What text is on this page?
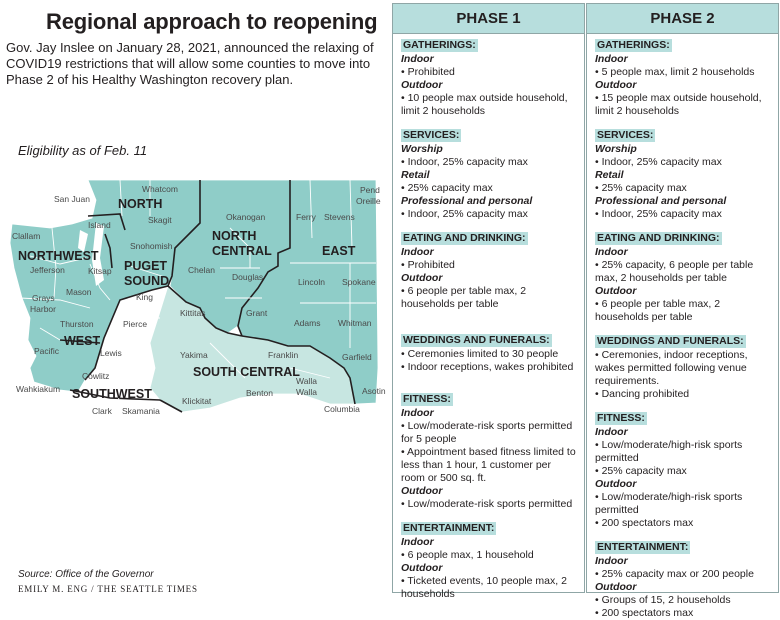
Regional approach to reopening
Gov. Jay Inslee on January 28, 2021, announced the relaxing of COVID19 restrictions that will allow some counties to move into Phase 2 of his Healthy Washington recovery plan.
Eligibility as of Feb. 11
NORTH
NORTHWEST
PUGET
SOUND
WEST
SOUTHWEST
NORTH
CENTRAL	EAST
SOUTH CENTRAL
Whatcom
San Juan
Skagit
Island
Clallam
Snohomish
Jefferson	Kitsap
Mason	King
Grays
Harbor
Pierce
Thurston
Pacific	Lewis
Wahkiakum
Cowlitz
Clark Skamania
Okanogan
Chelan
Douglas
Grant
Kittitas
Yakima
Klickitat
Benton
Franklin
Walla
Walla
Columbia
Garfield
Asotin
Adams Whitman
Lincoln Spokane
Ferry Stevens
Pend
Oreille
Source: Office of the Governor
EMILY M. ENG / THE SEATTLE TIMES
PHASE 1
GATHERINGS:
Indoor
• Prohibited
Outdoor
• 10 people max outside household, limit 2 households
SERVICES:
Worship
• Indoor, 25% capacity max
Retail
• 25% capacity max
Professional and personal
• Indoor, 25% capacity max
EATING AND DRINKING:
Indoor
• Prohibited
Outdoor
• 6 people per table max, 2 households per table
WEDDINGS AND FUNERALS:
• Ceremonies limited to 30 people
• Indoor receptions, wakes prohibited
FITNESS:
Indoor
• Low/moderate-risk sports permitted for 5 people
• Appointment based fitness limited to less than 1 hour, 1 customer per room or 500 sq. ft.
Outdoor
• Low/moderate-risk sports permitted
ENTERTAINMENT:
Indoor
• 6 people max, 1 household
Outdoor
• Ticketed events, 10 people max, 2 households
PHASE 2
GATHERINGS:
Indoor
• 5 people max, limit 2 households
Outdoor
• 15 people max outside household, limit 2 households
SERVICES:
Worship
• Indoor, 25% capacity max
Retail
• 25% capacity max
Professional and personal
• Indoor, 25% capacity max
EATING AND DRINKING:
Indoor
• 25% capacity, 6 people per table max, 2 households per table
Outdoor
• 6 people per table max, 2 households per table
WEDDINGS AND FUNERALS:
• Ceremonies, indoor receptions, wakes permitted following venue requirements.
• Dancing prohibited
FITNESS:
Indoor
• Low/moderate/high-risk sports permitted
• 25% capacity max
Outdoor
• Low/moderate/high-risk sports permitted
• 200 spectators max
ENTERTAINMENT:
Indoor
• 25% capacity max or 200 people
Outdoor
• Groups of 15, 2 households
• 200 spectators max
